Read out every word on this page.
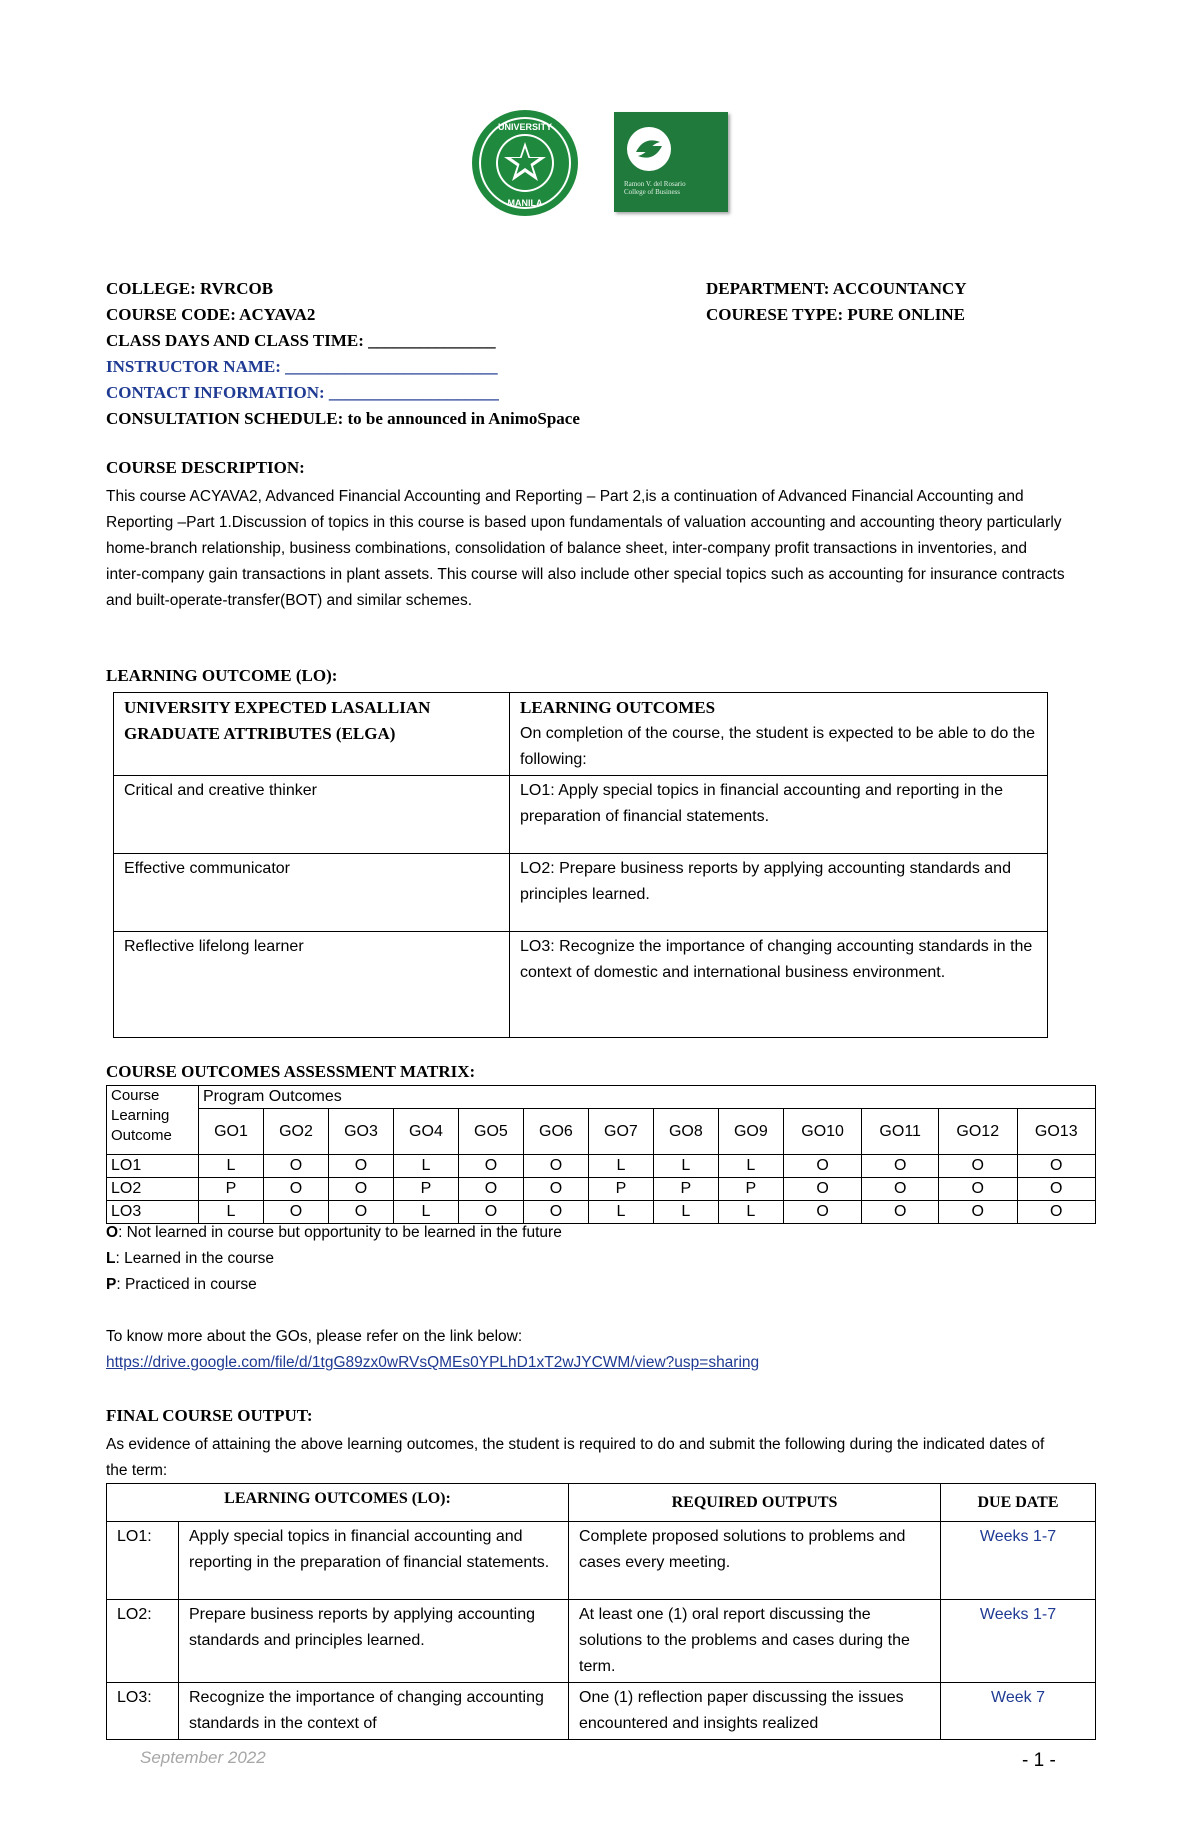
UNIVERSITY
MANILA
Ramon V. del Rosario
College of Business
COLLEGE: RVRCOB	DEPARTMENT: ACCOUNTANCY
COURSE CODE: ACYAVA2	COURESE TYPE: PURE ONLINE
CLASS DAYS AND CLASS TIME: _______________
INSTRUCTOR NAME: _________________________
CONTACT INFORMATION: ____________________
CONSULTATION SCHEDULE: to be announced in AnimoSpace
COURSE DESCRIPTION:
This course ACYAVA2, Advanced Financial Accounting and Reporting – Part 2,is a continuation of Advanced Financial Accounting and Reporting –Part 1.Discussion of topics in this course is based upon fundamentals of valuation accounting and accounting theory particularly home-branch relationship, business combinations, consolidation of balance sheet, inter-company profit transactions in inventories, and inter-company gain transactions in plant assets. This course will also include other special topics such as accounting for insurance contracts and built-operate-transfer(BOT) and similar schemes.
LEARNING OUTCOME (LO):
UNIVERSITY EXPECTED LASALLIAN GRADUATE ATTRIBUTES (ELGA)	LEARNING OUTCOMES
On completion of the course, the student is expected to be able to do the following:

Critical and creative thinker	LO1: Apply special topics in financial accounting and reporting in the preparation of financial statements.
Effective communicator	LO2: Prepare business reports by applying accounting standards and principles learned.
Reflective lifelong learner	LO3: Recognize the importance of changing accounting standards in the context of domestic and international business environment.
COURSE OUTCOMES ASSESSMENT MATRIX:
Course Learning Outcome	Program Outcomes												
	GO1	GO2	GO3	GO4	GO5	GO6	GO7	GO8	GO9	GO10	GO11	GO12	GO13
LO1	L	O	O	L	O	O	L	L	L	O	O	O	O
LO2	P	O	O	P	O	O	P	P	P	O	O	O	O
LO3	L	O	O	L	O	O	L	L	L	O	O	O	O
O: Not learned in course but opportunity to be learned in the future
L: Learned in the course
P: Practiced in course
To know more about the GOs, please refer on the link below:
https://drive.google.com/file/d/1tgG89zx0wRVsQMEs0YPLhD1xT2wJYCWM/view?usp=sharing
FINAL COURSE OUTPUT:
As evidence of attaining the above learning outcomes, the student is required to do and submit the following during the indicated dates of the term:
LEARNING OUTCOMES (LO):		REQUIRED OUTPUTS	DUE DATE
LO1:	Apply special topics in financial accounting and reporting in the preparation of financial statements.	Complete proposed solutions to problems and cases every meeting.	Weeks 1-7
LO2:	Prepare business reports by applying accounting standards and principles learned.	At least one (1) oral report discussing the solutions to the problems and cases during the term.	Weeks 1-7
LO3:	Recognize the importance of changing accounting standards in the context of	One (1) reflection paper discussing the issues encountered and insights realized	Week 7
September 2022	- 1 -
